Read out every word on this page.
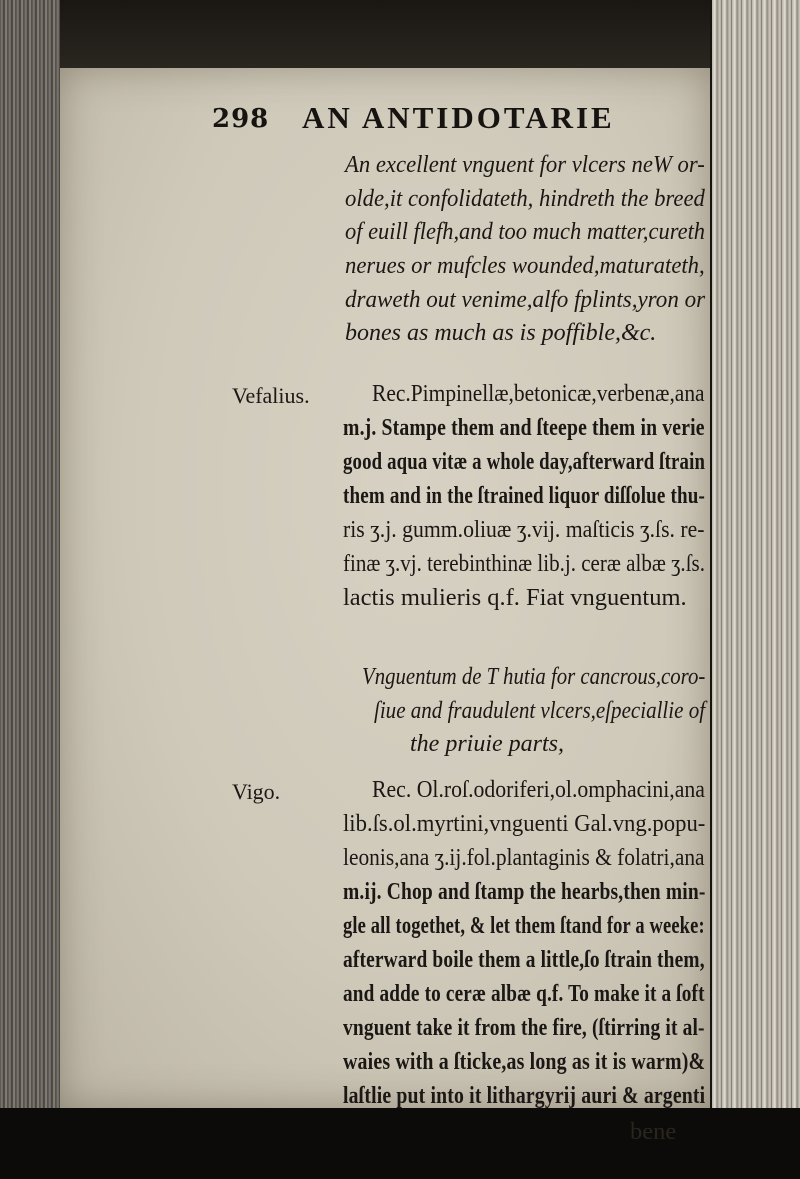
298 AN ANTIDOTARIE
Vefalius.
Vigo.
An excellent vnguent for vlcers neW or-
olde,it confolidateth, hindreth the breed
of euill flefh,and too much matter,cureth
nerues or mufcles wounded,maturateth,
draweth out venime,alfo fplints,yron or
bones as much as is poffible,&c.
Rec.Pimpinellæ,betonicæ,verbenæ,ana
m.j. Stampe them and ſteepe them in verie
good aqua vitæ a whole day,afterward ſtrain
them and in the ſtrained liquor diſſolue thu-
ris ʒ.j. gumm.oliuæ ʒ.vij. maſticis ʒ.ſs. re-
finæ ʒ.vj. terebinthinæ lib.j. ceræ albæ ʒ.ſs.
lactis mulieris q.f. Fiat vnguentum.
Vnguentum de T hutia for cancrous,coro-
ſiue and fraudulent vlcers,eſpeciallie of
the priuie parts,
Rec. Ol.roſ.odoriferi,ol.omphacini,ana
lib.ſs.ol.myrtini,vnguenti Gal.vng.popu-
leonis,ana ʒ.ij.fol.plantaginis & folatri,ana
m.ij. Chop and ſtamp the hearbs,then min-
gle all togethet, & let them ſtand for a weeke:
afterward boile them a little,ſo ſtrain them,
and adde to ceræ albæ q.f. To make it a ſoft
vnguent take it from the fire, (ſtirring it al-
waies with a ſticke,as long as it is warm)&
laſtlie put into it lithargyrij auri & argenti
bene
